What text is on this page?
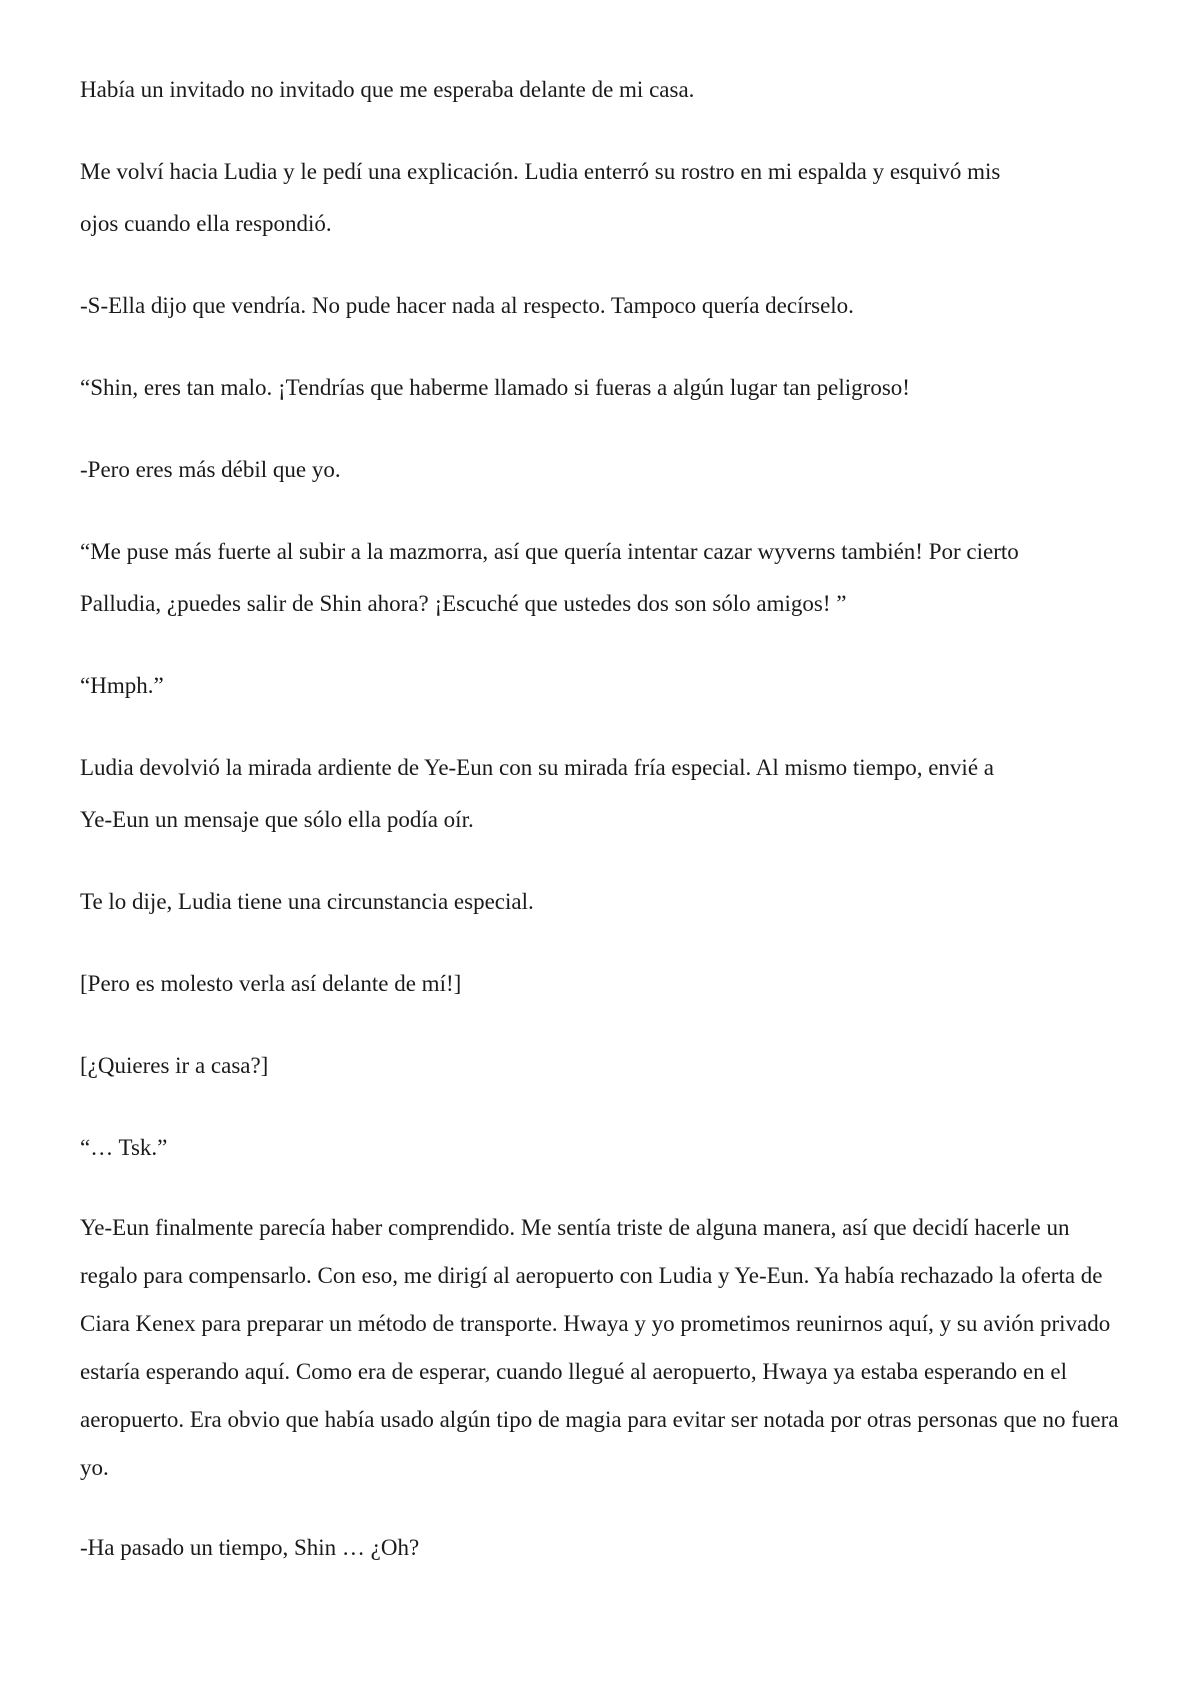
Había un invitado no invitado que me esperaba delante de mi casa.

Me volví hacia Ludia y le pedí una explicación. Ludia enterró su rostro en mi espalda y esquivó mis ojos cuando ella respondió.

-S-Ella dijo que vendría. No pude hacer nada al respecto. Tampoco quería decírselo.

“Shin, eres tan malo. ¡Tendrías que haberme llamado si fueras a algún lugar tan peligroso!

-Pero eres más débil que yo.

“Me puse más fuerte al subir a la mazmorra, así que quería intentar cazar wyverns también! Por cierto Palludia, ¿puedes salir de Shin ahora? ¡Escuché que ustedes dos son sólo amigos! ”

“Hmph.”

Ludia devolvió la mirada ardiente de Ye-Eun con su mirada fría especial. Al mismo tiempo, envié a Ye-Eun un mensaje que sólo ella podía oír.

Te lo dije, Ludia tiene una circunstancia especial.

[Pero es molesto verla así delante de mí!]

[¿Quieres ir a casa?]

“… Tsk.”

Ye-Eun finalmente parecía haber comprendido. Me sentía triste de alguna manera, así que decidí hacerle un regalo para compensarlo. Con eso, me dirigí al aeropuerto con Ludia y Ye-Eun. Ya había rechazado la oferta de Ciara Kenex para preparar un método de transporte. Hwaya y yo prometimos reunirnos aquí, y su avión privado estaría esperando aquí. Como era de esperar, cuando llegué al aeropuerto, Hwaya ya estaba esperando en el aeropuerto. Era obvio que había usado algún tipo de magia para evitar ser notada por otras personas que no fuera yo.

-Ha pasado un tiempo, Shin … ¿Oh?
